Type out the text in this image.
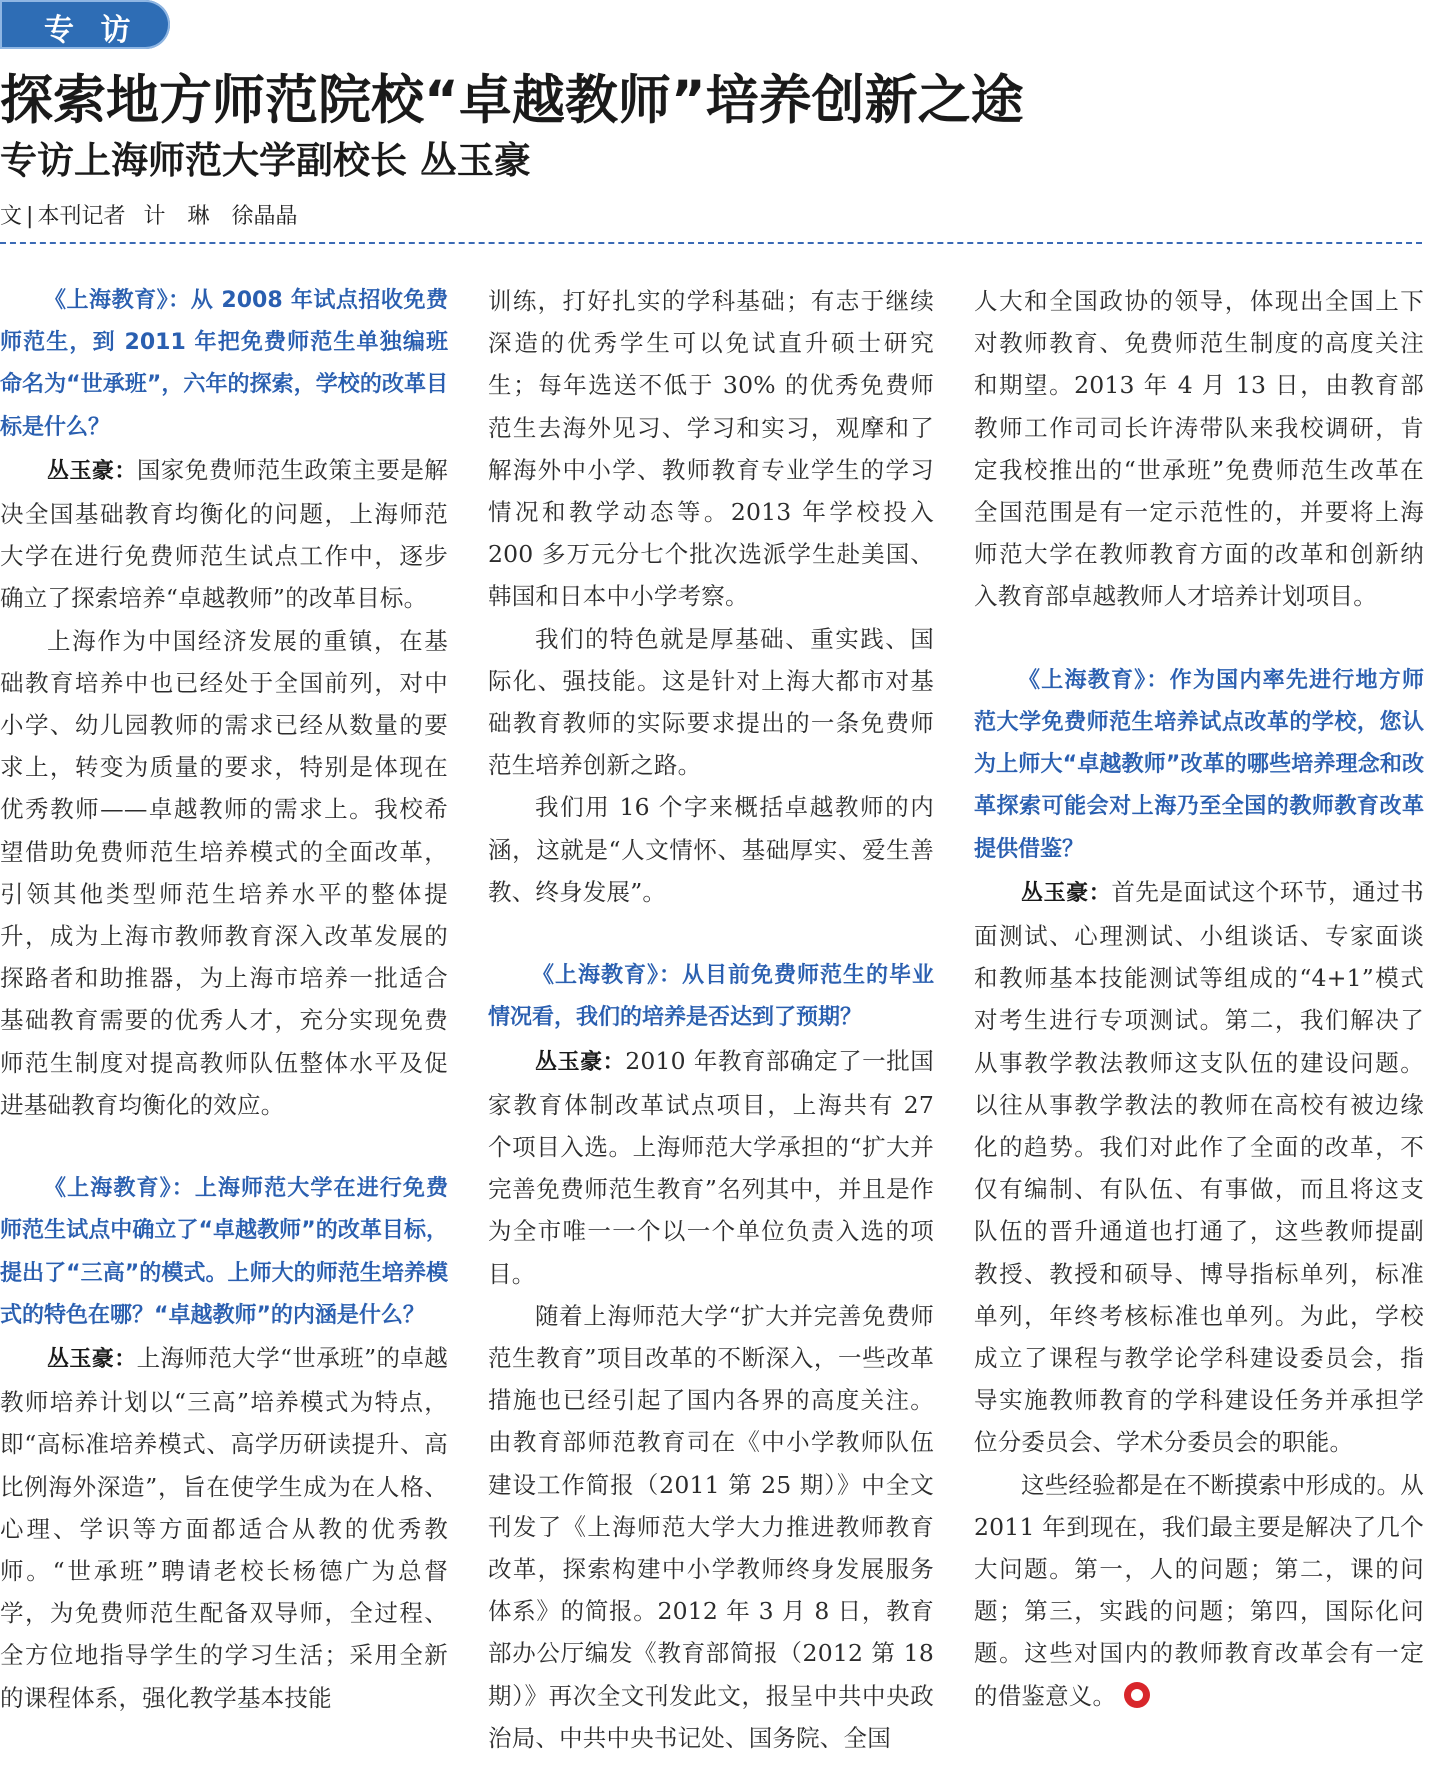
专 访
探索地方师范院校“卓越教师”培养创新之途
专访上海师范大学副校长 丛玉豪
文 | 本刊记者 计　琳　徐晶晶

《上海教育》：从 2008 年试点招收免费师范生，到 2011 年把免费师范生单独编班命名为“世承班”，六年的探索，学校的改革目标是什么？

丛玉豪：国家免费师范生政策主要是解决全国基础教育均衡化的问题，上海师范大学在进行免费师范生试点工作中，逐步确立了探索培养“卓越教师”的改革目标。

上海作为中国经济发展的重镇，在基础教育培养中也已经处于全国前列，对中小学、幼儿园教师的需求已经从数量的要求上，转变为质量的要求，特别是体现在优秀教师——卓越教师的需求上。我校希望借助免费师范生培养模式的全面改革，引领其他类型师范生培养水平的整体提升，成为上海市教师教育深入改革发展的探路者和助推器，为上海市培养一批适合基础教育需要的优秀人才，充分实现免费师范生制度对提高教师队伍整体水平及促进基础教育均衡化的效应。

《上海教育》：上海师范大学在进行免费师范生试点中确立了“卓越教师”的改革目标，提出了“三高”的模式。上师大的师范生培养模式的特色在哪？“卓越教师”的内涵是什么？

丛玉豪：上海师范大学“世承班”的卓越教师培养计划以“三高”培养模式为特点，即“高标准培养模式、高学历研读提升、高比例海外深造”，旨在使学生成为在人格、心理、学识等方面都适合从教的优秀教师。“世承班”聘请老校长杨德广为总督学，为免费师范生配备双导师，全过程、全方位地指导学生的学习生活；采用全新的课程体系，强化教学基本技能

训练，打好扎实的学科基础；有志于继续深造的优秀学生可以免试直升硕士研究生；每年选送不低于 30% 的优秀免费师范生去海外见习、学习和实习，观摩和了解海外中小学、教师教育专业学生的学习情况和教学动态等。2013 年学校投入 200 多万元分七个批次选派学生赴美国、韩国和日本中小学考察。

我们的特色就是厚基础、重实践、国际化、强技能。这是针对上海大都市对基础教育教师的实际要求提出的一条免费师范生培养创新之路。

我们用 16 个字来概括卓越教师的内涵，这就是“人文情怀、基础厚实、爱生善教、终身发展”。

《上海教育》：从目前免费师范生的毕业情况看，我们的培养是否达到了预期？

丛玉豪：2010 年教育部确定了一批国家教育体制改革试点项目，上海共有 27 个项目入选。上海师范大学承担的“扩大并完善免费师范生教育”名列其中，并且是作为全市唯一一个以一个单位负责入选的项目。

随着上海师范大学“扩大并完善免费师范生教育”项目改革的不断深入，一些改革措施也已经引起了国内各界的高度关注。由教育部师范教育司在《中小学教师队伍建设工作简报（2011 第 25 期）》中全文刊发了《上海师范大学大力推进教师教育改革，探索构建中小学教师终身发展服务体系》的简报。2012 年 3 月 8 日，教育部办公厅编发《教育部简报（2012 第 18 期）》再次全文刊发此文，报呈中共中央政治局、中共中央书记处、国务院、全国

人大和全国政协的领导，体现出全国上下对教师教育、免费师范生制度的高度关注和期望。2013 年 4 月 13 日，由教育部教师工作司司长许涛带队来我校调研，肯定我校推出的“世承班”免费师范生改革在全国范围是有一定示范性的，并要将上海师范大学在教师教育方面的改革和创新纳入教育部卓越教师人才培养计划项目。

《上海教育》：作为国内率先进行地方师范大学免费师范生培养试点改革的学校，您认为上师大“卓越教师”改革的哪些培养理念和改革探索可能会对上海乃至全国的教师教育改革提供借鉴？

丛玉豪：首先是面试这个环节，通过书面测试、心理测试、小组谈话、专家面谈和教师基本技能测试等组成的“4+1”模式对考生进行专项测试。第二，我们解决了从事教学教法教师这支队伍的建设问题。以往从事教学教法的教师在高校有被边缘化的趋势。我们对此作了全面的改革，不仅有编制、有队伍、有事做，而且将这支队伍的晋升通道也打通了，这些教师提副教授、教授和硕导、博导指标单列，标准单列，年终考核标准也单列。为此，学校成立了课程与教学论学科建设委员会，指导实施教师教育的学科建设任务并承担学位分委员会、学术分委员会的职能。

这些经验都是在不断摸索中形成的。从 2011 年到现在，我们最主要是解决了几个大问题。第一，人的问题；第二，课的问题；第三，实践的问题；第四，国际化问题。这些对国内的教师教育改革会有一定的借鉴意义。
